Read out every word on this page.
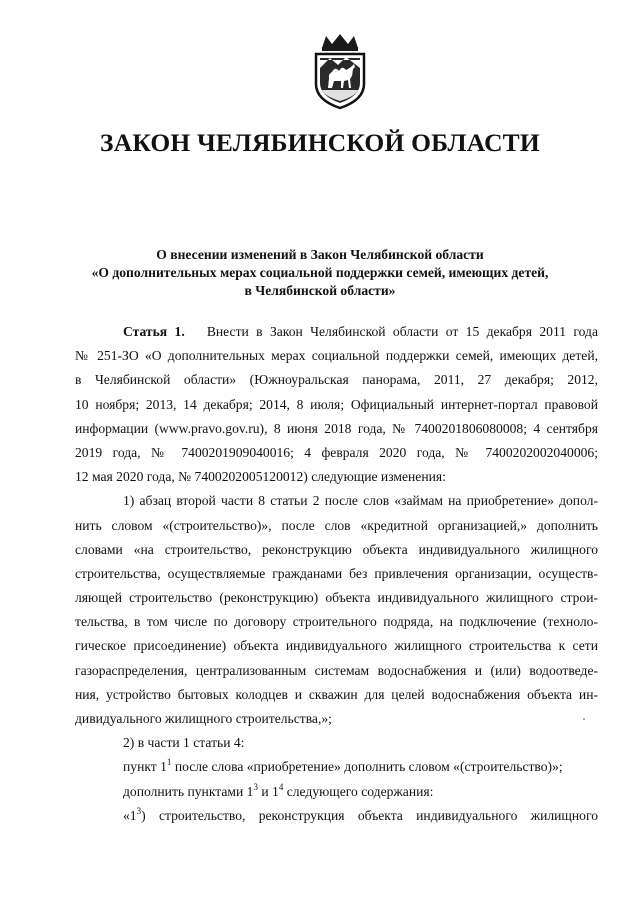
ЗАКОН ЧЕЛЯБИНСКОЙ ОБЛАСТИ
О внесении изменений в Закон Челябинской области
«О дополнительных мерах социальной поддержки семей, имеющих детей,
в Челябинской области»
Статья 1. Внести в Закон Челябинской области от 15 декабря 2011 года
№ 251-ЗО «О дополнительных мерах социальной поддержки семей, имеющих детей,
в Челябинской области» (Южноуральская панорама, 2011, 27 декабря; 2012,
10 ноября; 2013, 14 декабря; 2014, 8 июля; Официальный интернет-портал правовой
информации (www.pravo.gov.ru), 8 июня 2018 года, № 7400201806080008; 4 сентября
2019 года, № 7400201909040016; 4 февраля 2020 года, № 7400202002040006;
12 мая 2020 года, № 7400202005120012) следующие изменения:
1) абзац второй части 8 статьи 2 после слов «займам на приобретение» допол-
нить словом «(строительство)», после слов «кредитной организацией,» дополнить
словами «на строительство, реконструкцию объекта индивидуального жилищного
строительства, осуществляемые гражданами без привлечения организации, осуществ-
ляющей строительство (реконструкцию) объекта индивидуального жилищного строи-
тельства, в том числе по договору строительного подряда, на подключение (техноло-
гическое присоединение) объекта индивидуального жилищного строительства к сети
газораспределения, централизованным системам водоснабжения и (или) водоотведе-
ния, устройство бытовых колодцев и скважин для целей водоснабжения объекта ин-
дивидуального жилищного строительства,»;
2) в части 1 статьи 4:
пункт $1^1$ после слова «приобретение» дополнить словом «(строительство)»;
дополнить пунктами $1^3$ и $1^4$ следующего содержания:
«$1^3$) строительство, реконструкция объекта индивидуального жилищного
